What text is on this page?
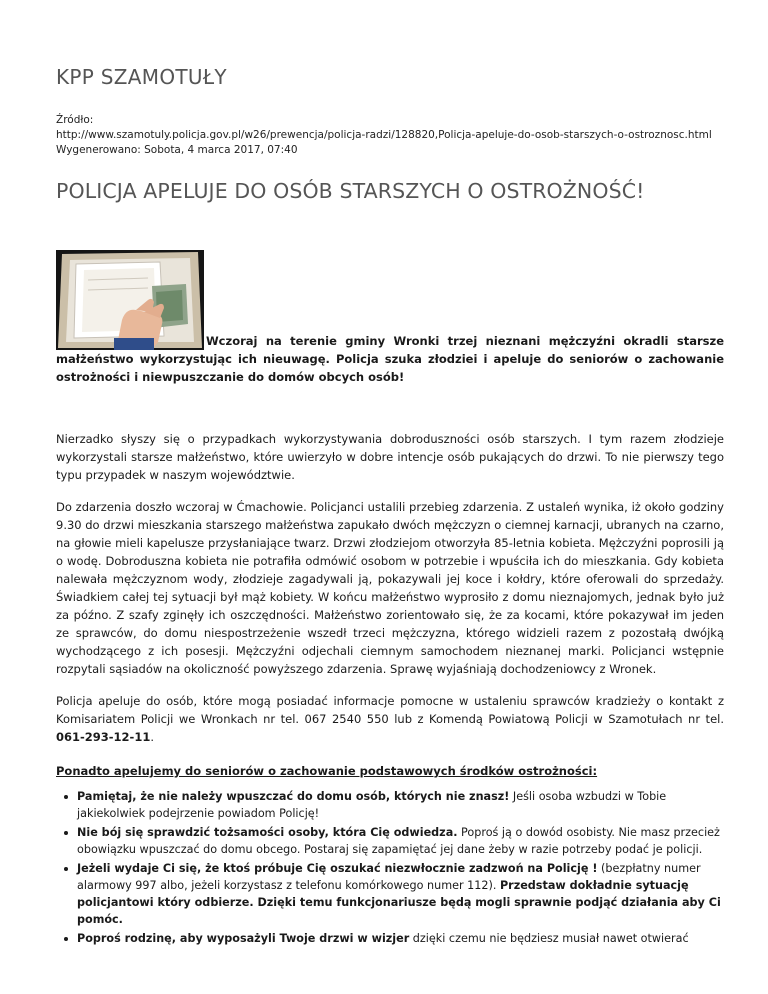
KPP SZAMOTUŁY
Źródło:
http://www.szamotuly.policja.gov.pl/w26/prewencja/policja-radzi/128820,Policja-apeluje-do-osob-starszych-o-ostroznosc.html
Wygenerowano: Sobota, 4 marca 2017, 07:40
POLICJA APELUJE DO OSÓB STARSZYCH O OSTROŻNOŚĆ!
Wczoraj na terenie gminy Wronki trzej nieznani mężczyźni okradli starsze małżeństwo wykorzystując ich nieuwagę. Policja szuka złodziei i apeluje do seniorów o zachowanie ostrożności i niewpuszczanie do domów obcych osób!

Nierzadko słyszy się o przypadkach wykorzystywania dobroduszności osób starszych. I tym razem złodzieje wykorzystali starsze małżeństwo, które uwierzyło w dobre intencje osób pukających do drzwi. To nie pierwszy tego typu przypadek w naszym województwie.

Do zdarzenia doszło wczoraj w Ćmachowie. Policjanci ustalili przebieg zdarzenia. Z ustaleń wynika, iż około godziny 9.30 do drzwi mieszkania starszego małżeństwa zapukało dwóch mężczyzn o ciemnej karnacji, ubranych na czarno, na głowie mieli kapelusze przysłaniające twarz. Drzwi złodziejom otworzyła 85-letnia kobieta. Mężczyźni poprosili ją o wodę. Dobroduszna kobieta nie potrafiła odmówić osobom w potrzebie i wpuściła ich do mieszkania. Gdy kobieta nalewała mężczyznom wody, złodzieje zagadywali ją, pokazywali jej koce i kołdry, które oferowali do sprzedaży. Świadkiem całej tej sytuacji był mąż kobiety. W końcu małżeństwo wyprosiło z domu nieznajomych, jednak było już za późno. Z szafy zginęły ich oszczędności. Małżeństwo zorientowało się, że za kocami, które pokazywał im jeden ze sprawców, do domu niespostrzeżenie wszedł trzeci mężczyzna, którego widzieli razem z pozostałą dwójką wychodzącego z ich posesji. Mężczyźni odjechali ciemnym samochodem nieznanej marki. Policjanci wstępnie rozpytali sąsiadów na okoliczność powyższego zdarzenia. Sprawę wyjaśniają dochodzeniowcy z Wronek.

Policja apeluje do osób, które mogą posiadać informacje pomocne w ustaleniu sprawców kradzieży o kontakt z Komisariatem Policji we Wronkach nr tel. 067 2540 550 lub z Komendą Powiatową Policji w Szamotułach nr tel. 061-293-12-11.

Ponadto apelujemy do seniorów o zachowanie podstawowych środków ostrożności:

Pamiętaj, że nie należy wpuszczać do domu osób, których nie znasz! Jeśli osoba wzbudzi w Tobie jakiekolwiek podejrzenie powiadom Policję!
Nie bój się sprawdzić tożsamości osoby, która Cię odwiedza. Poproś ją o dowód osobisty. Nie masz przecież obowiązku wpuszczać do domu obcego. Postaraj się zapamiętać jej dane żeby w razie potrzeby podać je policji.
Jeżeli wydaje Ci się, że ktoś próbuje Cię oszukać niezwłocznie zadzwoń na Policję ! (bezpłatny numer alarmowy 997 albo, jeżeli korzystasz z telefonu komórkowego numer 112). Przedstaw dokładnie sytuację policjantowi który odbierze. Dzięki temu funkcjonariusze będą mogli sprawnie podjąć działania aby Ci pomóc.
Poproś rodzinę, aby wyposażyli Twoje drzwi w wizjer dzięki czemu nie będziesz musiał nawet otwierać
